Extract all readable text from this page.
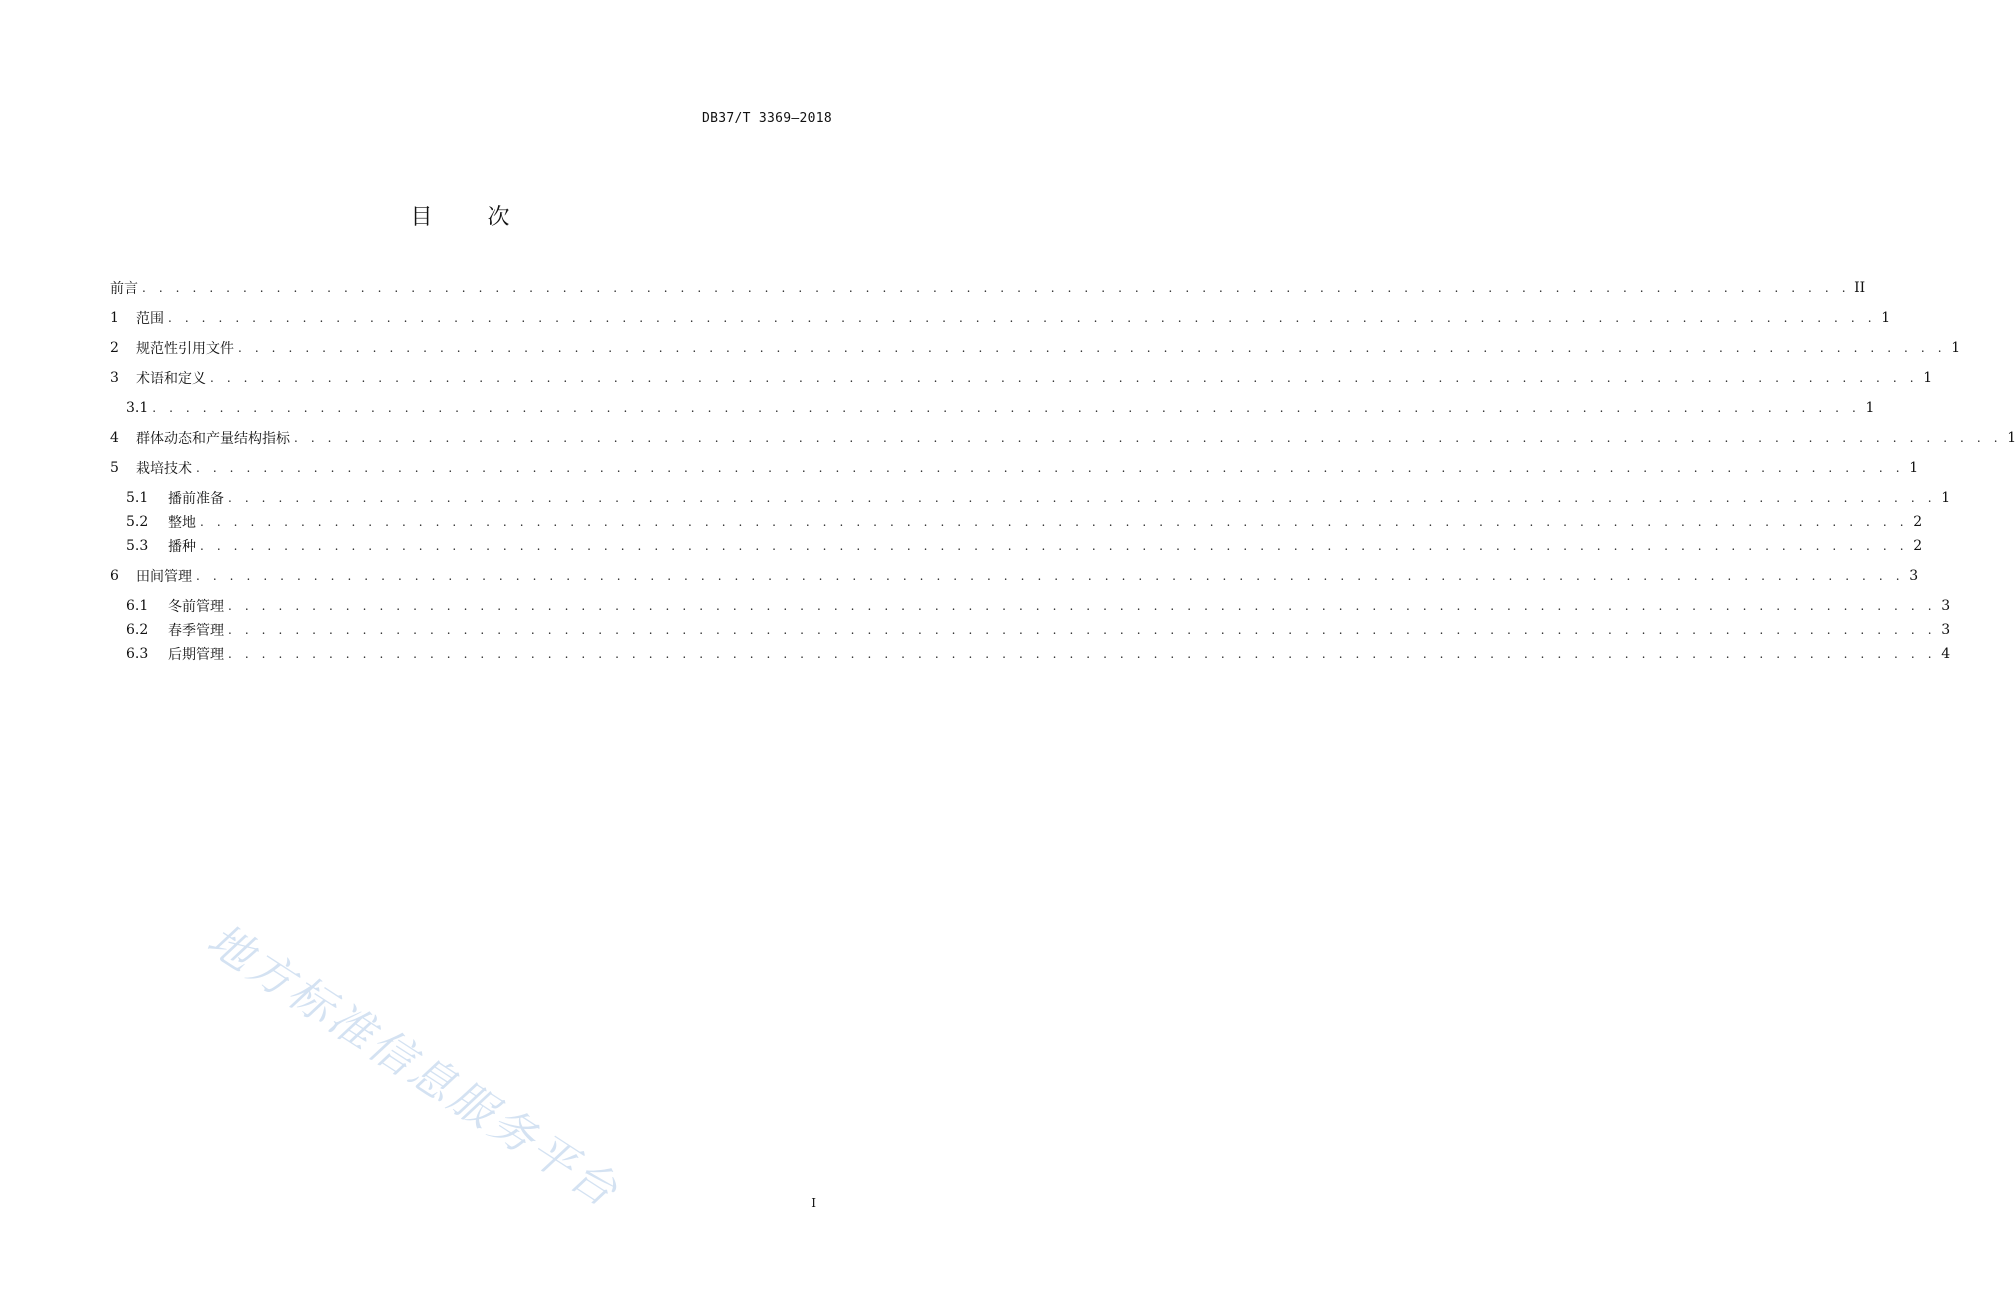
DB37/T 3369—2018
目 次
前言 . . . . . . . . . . . . . . . . . . . . . . . . . . . . . . . . . . . . . . . . . . . . . . . . . . . . . . . . . . . . . . . . . . . . . . . . . . . . . . . . . . . . . . . . . . . . . . . . . . . . . . II
1	范围 . . . . . . . . . . . . . . . . . . . . . . . . . . . . . . . . . . . . . . . . . . . . . . . . . . . . . . . . . . . . . . . . . . . . . . . . . . . . . . . . . . . . . . . . . . . . . . . . . . . . . . 1
2	规范性引用文件 . . . . . . . . . . . . . . . . . . . . . . . . . . . . . . . . . . . . . . . . . . . . . . . . . . . . . . . . . . . . . . . . . . . . . . . . . . . . . . . . . . . . . . . . . . . . . . . . . . . . . . 1
3	术语和定义 . . . . . . . . . . . . . . . . . . . . . . . . . . . . . . . . . . . . . . . . . . . . . . . . . . . . . . . . . . . . . . . . . . . . . . . . . . . . . . . . . . . . . . . . . . . . . . . . . . . . . . 1
3.1 . . . . . . . . . . . . . . . . . . . . . . . . . . . . . . . . . . . . . . . . . . . . . . . . . . . . . . . . . . . . . . . . . . . . . . . . . . . . . . . . . . . . . . . . . . . . . . . . . . . . . . 1
4	群体动态和产量结构指标 . . . . . . . . . . . . . . . . . . . . . . . . . . . . . . . . . . . . . . . . . . . . . . . . . . . . . . . . . . . . . . . . . . . . . . . . . . . . . . . . . . . . . . . . . . . . . . . . . . . . . . 1
5	栽培技术 . . . . . . . . . . . . . . . . . . . . . . . . . . . . . . . . . . . . . . . . . . . . . . . . . . . . . . . . . . . . . . . . . . . . . . . . . . . . . . . . . . . . . . . . . . . . . . . . . . . . . . 1
5.1	播前准备 . . . . . . . . . . . . . . . . . . . . . . . . . . . . . . . . . . . . . . . . . . . . . . . . . . . . . . . . . . . . . . . . . . . . . . . . . . . . . . . . . . . . . . . . . . . . . . . . . . . . . . 1
5.2	整地 . . . . . . . . . . . . . . . . . . . . . . . . . . . . . . . . . . . . . . . . . . . . . . . . . . . . . . . . . . . . . . . . . . . . . . . . . . . . . . . . . . . . . . . . . . . . . . . . . . . . . . 2
5.3	播种 . . . . . . . . . . . . . . . . . . . . . . . . . . . . . . . . . . . . . . . . . . . . . . . . . . . . . . . . . . . . . . . . . . . . . . . . . . . . . . . . . . . . . . . . . . . . . . . . . . . . . . 2
6	田间管理 . . . . . . . . . . . . . . . . . . . . . . . . . . . . . . . . . . . . . . . . . . . . . . . . . . . . . . . . . . . . . . . . . . . . . . . . . . . . . . . . . . . . . . . . . . . . . . . . . . . . . . 3
6.1	冬前管理 . . . . . . . . . . . . . . . . . . . . . . . . . . . . . . . . . . . . . . . . . . . . . . . . . . . . . . . . . . . . . . . . . . . . . . . . . . . . . . . . . . . . . . . . . . . . . . . . . . . . . . 3
6.2	春季管理 . . . . . . . . . . . . . . . . . . . . . . . . . . . . . . . . . . . . . . . . . . . . . . . . . . . . . . . . . . . . . . . . . . . . . . . . . . . . . . . . . . . . . . . . . . . . . . . . . . . . . . 3
6.3	后期管理 . . . . . . . . . . . . . . . . . . . . . . . . . . . . . . . . . . . . . . . . . . . . . . . . . . . . . . . . . . . . . . . . . . . . . . . . . . . . . . . . . . . . . . . . . . . . . . . . . . . . . . 4
地方标准信息服务平台	I
